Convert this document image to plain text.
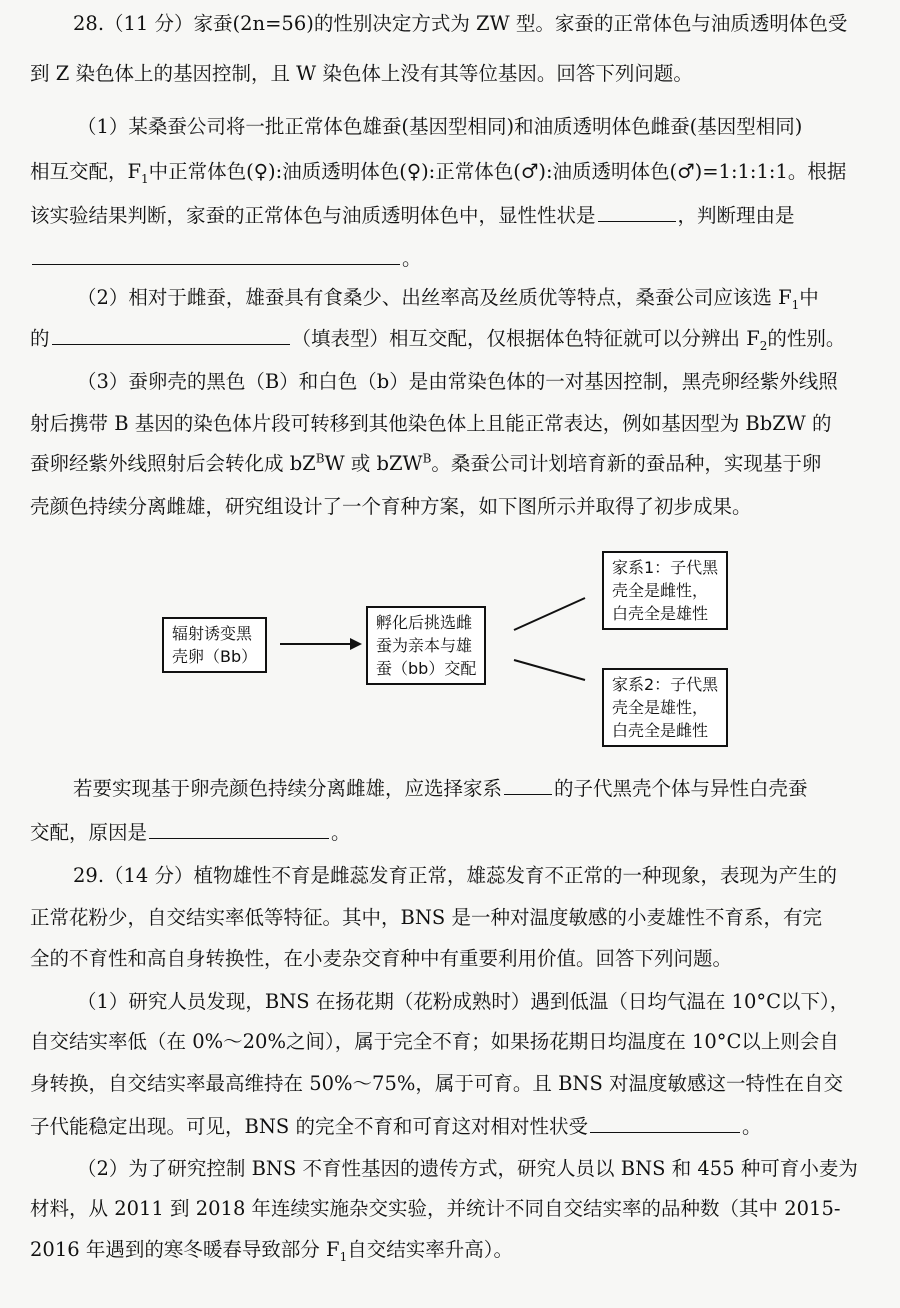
28.（11 分）家蚕(2n=56)的性别决定方式为 ZW 型。家蚕的正常体色与油质透明体色受
到 Z 染色体上的基因控制，且 W 染色体上没有其等位基因。回答下列问题。
（1）某桑蚕公司将一批正常体色雄蚕(基因型相同)和油质透明体色雌蚕(基因型相同)
相互交配，$F_1$中正常体色(♀):油质透明体色(♀):正常体色(♂):油质透明体色(♂)=1:1:1:1。根据
该实验结果判断，家蚕的正常体色与油质透明体色中，显性性状是	，判断理由是
。
（2）相对于雌蚕，雄蚕具有食桑少、出丝率高及丝质优等特点，桑蚕公司应该选 $F_1$中
的	（填表型）相互交配，仅根据体色特征就可以分辨出 $F_2$的性别。
（3）蚕卵壳的黑色（B）和白色（b）是由常染色体的一对基因控制，黑壳卵经紫外线照
射后携带 B 基因的染色体片段可转移到其他染色体上且能正常表达，例如基因型为 BbZW 的
蚕卵经紫外线照射后会转化成 $bZ^BW$ 或 bZW$^B$。桑蚕公司计划培育新的蚕品种，实现基于卵
壳颜色持续分离雌雄，研究组设计了一个育种方案，如下图所示并取得了初步成果。
辐射诱变黑
壳卵（Bb）
孵化后挑选雌
蚕为亲本与雄
蚕（bb）交配
家系1：子代黑
壳全是雌性，
白壳全是雄性
家系2：子代黑
壳全是雄性，
白壳全是雌性
若要实现基于卵壳颜色持续分离雌雄，应选择家系	的子代黑壳个体与异性白壳蚕
交配，原因是	。
29.（14 分）植物雄性不育是雌蕊发育正常，雄蕊发育不正常的一种现象，表现为产生的
正常花粉少，自交结实率低等特征。其中，BNS 是一种对温度敏感的小麦雄性不育系，有完
全的不育性和高自身转换性，在小麦杂交育种中有重要利用价值。回答下列问题。
（1）研究人员发现，BNS 在扬花期（花粉成熟时）遇到低温（日均气温在 10°C以下），
自交结实率低（在 0%～20%之间），属于完全不育；如果扬花期日均温度在 10°C以上则会自
身转换，自交结实率最高维持在 50%～75%，属于可育。且 BNS 对温度敏感这一特性在自交
子代能稳定出现。可见，BNS 的完全不育和可育这对相对性状受	。
（2）为了研究控制 BNS 不育性基因的遗传方式，研究人员以 BNS 和 455 种可育小麦为
材料，从 2011 到 2018 年连续实施杂交实验，并统计不同自交结实率的品种数（其中 2015-
2016 年遇到的寒冬暖春导致部分 $F_1$自交结实率升高）。
